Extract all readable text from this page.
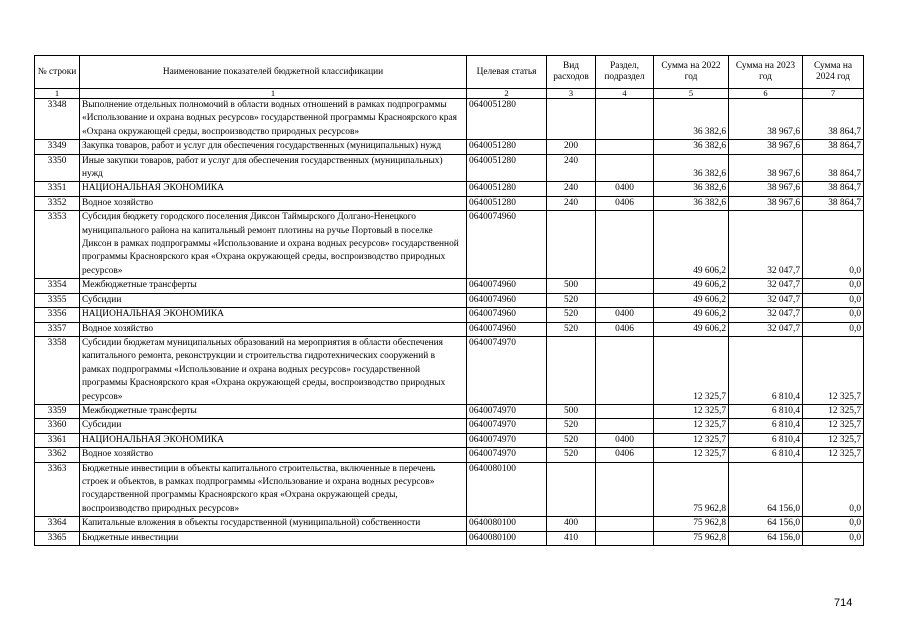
№ строки	Наименование показателей бюджетной классификации	Целевая статья	Вид расходов	Раздел, подраздел	Сумма на 2022 год	Сумма на 2023 год	Сумма на 2024 год
1	1	2	3	4	5	6	7
3348	Выполнение отдельных полномочий в области водных отношений в рамках подпрограммы «Использование и охрана водных ресурсов» государственной программы Красноярского края «Охрана окружающей среды, воспроизводство природных ресурсов»	0640051280			36 382,6	38 967,6	38 864,7
3349	Закупка товаров, работ и услуг для обеспечения государственных (муниципальных) нужд	0640051280	200		36 382,6	38 967,6	38 864,7
3350	Иные закупки товаров, работ и услуг для обеспечения государственных (муниципальных) нужд	0640051280	240		36 382,6	38 967,6	38 864,7
3351	НАЦИОНАЛЬНАЯ ЭКОНОМИКА	0640051280	240	0400	36 382,6	38 967,6	38 864,7
3352	Водное хозяйство	0640051280	240	0406	36 382,6	38 967,6	38 864,7
3353	Субсидия бюджету городского поселения Диксон Таймырского Долгано-Ненецкого муниципального района на капитальный ремонт плотины на ручье Портовый в поселке Диксон в рамках подпрограммы «Использование и охрана водных ресурсов» государственной программы Красноярского края «Охрана окружающей среды, воспроизводство природных ресурсов»	0640074960			49 606,2	32 047,7	0,0
3354	Межбюджетные трансферты	0640074960	500		49 606,2	32 047,7	0,0
3355	Субсидии	0640074960	520		49 606,2	32 047,7	0,0
3356	НАЦИОНАЛЬНАЯ ЭКОНОМИКА	0640074960	520	0400	49 606,2	32 047,7	0,0
3357	Водное хозяйство	0640074960	520	0406	49 606,2	32 047,7	0,0
3358	Субсидии бюджетам муниципальных образований на мероприятия в области обеспечения капитального ремонта, реконструкции и строительства гидротехнических сооружений в рамках подпрограммы «Использование и охрана водных ресурсов» государственной программы Красноярского края «Охрана окружающей среды, воспроизводство природных ресурсов»	0640074970			12 325,7	6 810,4	12 325,7
3359	Межбюджетные трансферты	0640074970	500		12 325,7	6 810,4	12 325,7
3360	Субсидии	0640074970	520		12 325,7	6 810,4	12 325,7
3361	НАЦИОНАЛЬНАЯ ЭКОНОМИКА	0640074970	520	0400	12 325,7	6 810,4	12 325,7
3362	Водное хозяйство	0640074970	520	0406	12 325,7	6 810,4	12 325,7
3363	Бюджетные инвестиции в объекты капитального строительства, включенные в перечень строек и объектов, в рамках подпрограммы «Использование и охрана водных ресурсов» государственной программы Красноярского края «Охрана окружающей среды, воспроизводство природных ресурсов»	0640080100			75 962,8	64 156,0	0,0
3364	Капитальные вложения в объекты государственной (муниципальной) собственности	0640080100	400		75 962,8	64 156,0	0,0
3365	Бюджетные инвестиции	0640080100	410		75 962,8	64 156,0	0,0
714
